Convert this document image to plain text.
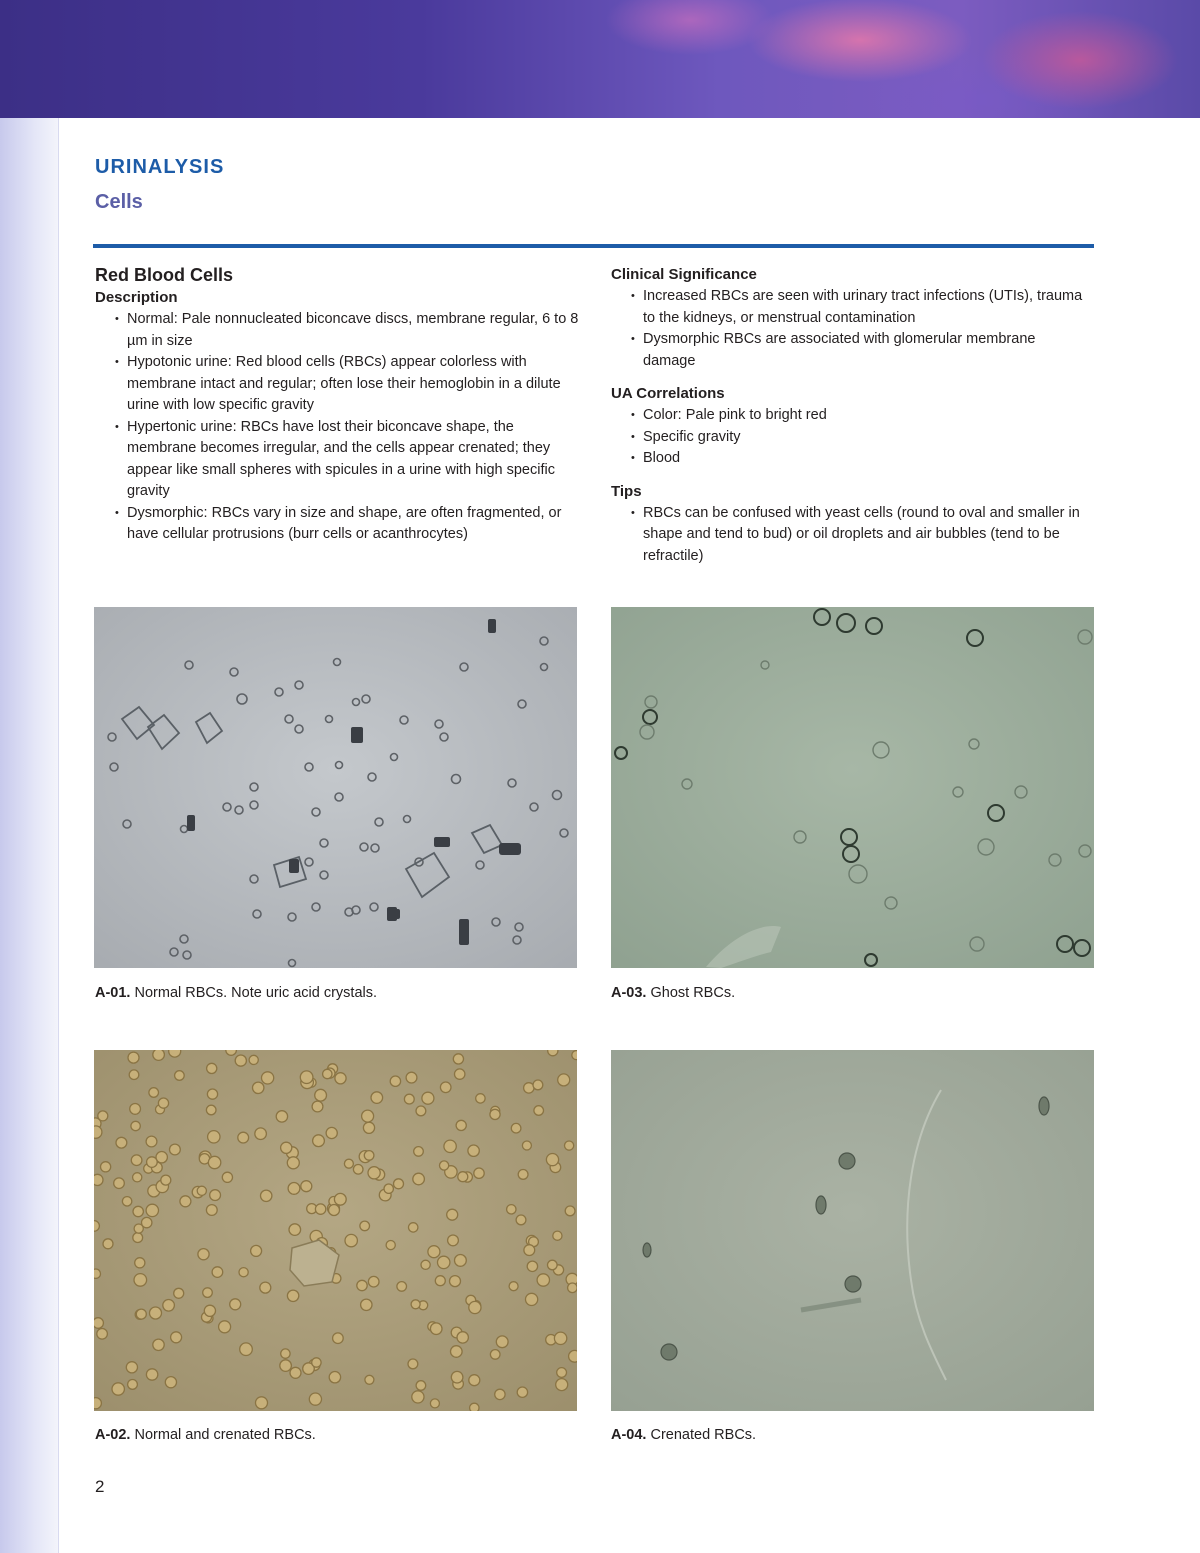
URINALYSIS
Cells
Red Blood Cells
Description
• Normal: Pale nonnucleated biconcave discs, membrane regular, 6 to 8 µm in size
• Hypotonic urine: Red blood cells (RBCs) appear colorless with membrane intact and regular; often lose their hemoglobin in a dilute urine with low specific gravity
• Hypertonic urine: RBCs have lost their biconcave shape, the membrane becomes irregular, and the cells appear crenated; they appear like small spheres with spicules in a urine with high specific gravity
• Dysmorphic: RBCs vary in size and shape, are often fragmented, or have cellular protrusions (burr cells or acanthrocytes)
Clinical Significance
• Increased RBCs are seen with urinary tract infections (UTIs), trauma to the kidneys, or menstrual contamination
• Dysmorphic RBCs are associated with glomerular membrane damage
UA Correlations
• Color: Pale pink to bright red
• Specific gravity
• Blood
Tips
• RBCs can be confused with yeast cells (round to oval and smaller in shape and tend to bud) or oil droplets and air bubbles (tend to be refractile)
A-01. Normal RBCs. Note uric acid crystals.	A-03. Ghost RBCs.
A-02. Normal and crenated RBCs.	A-04. Crenated RBCs.
2
